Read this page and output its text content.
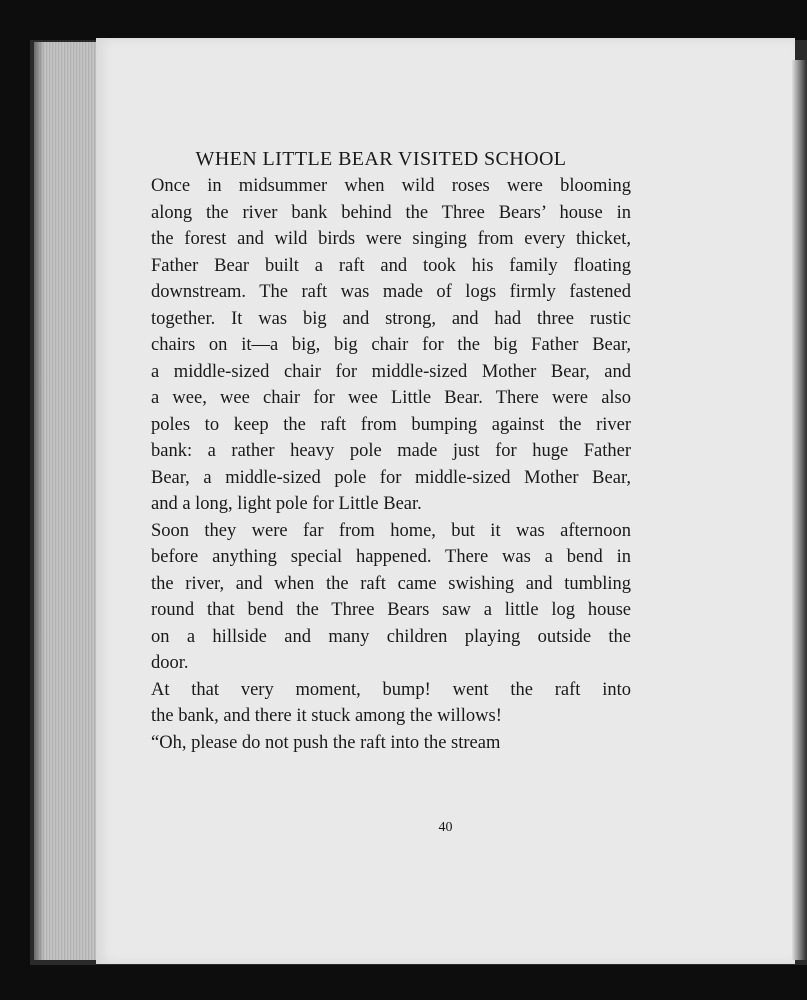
WHEN LITTLE BEAR VISITED SCHOOL

Once in midsummer when wild roses were blooming
along the river bank behind the Three Bears’ house in
the forest and wild birds were singing from every thicket,
Father Bear built a raft and took his family floating
downstream. The raft was made of logs firmly fastened
together. It was big and strong, and had three rustic
chairs on it—a big, big chair for the big Father Bear,
a middle-sized chair for middle-sized Mother Bear, and
a wee, wee chair for wee Little Bear. There were also
poles to keep the raft from bumping against the river
bank: a rather heavy pole made just for huge Father
Bear, a middle-sized pole for middle-sized Mother Bear,
and a long, light pole for Little Bear.

Soon they were far from home, but it was afternoon
before anything special happened. There was a bend in
the river, and when the raft came swishing and tumbling
round that bend the Three Bears saw a little log house
on a hillside and many children playing outside the
door.

At that very moment, bump! went the raft into
the bank, and there it stuck among the willows!

“Oh, please do not push the raft into the stream

40
